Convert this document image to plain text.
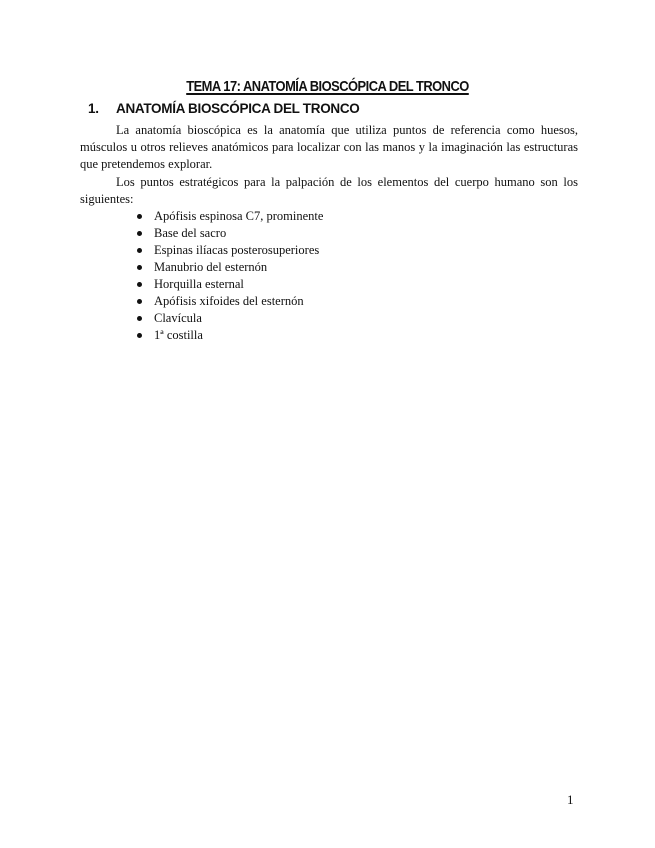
TEMA 17: ANATOMÍA BIOSCÓPICA DEL TRONCO
1. ANATOMÍA BIOSCÓPICA DEL TRONCO

La anatomía bioscópica es la anatomía que utiliza puntos de referencia como huesos, músculos u otros relieves anatómicos para localizar con las manos y la imaginación las estructuras que pretendemos explorar.

Los puntos estratégicos para la palpación de los elementos del cuerpo humano son los siguientes:

Apófisis espinosa C7, prominente
Base del sacro
Espinas ilíacas posterosuperiores
Manubrio del esternón
Horquilla esternal
Apófisis xifoides del esternón
Clavícula
1ª costilla
1
